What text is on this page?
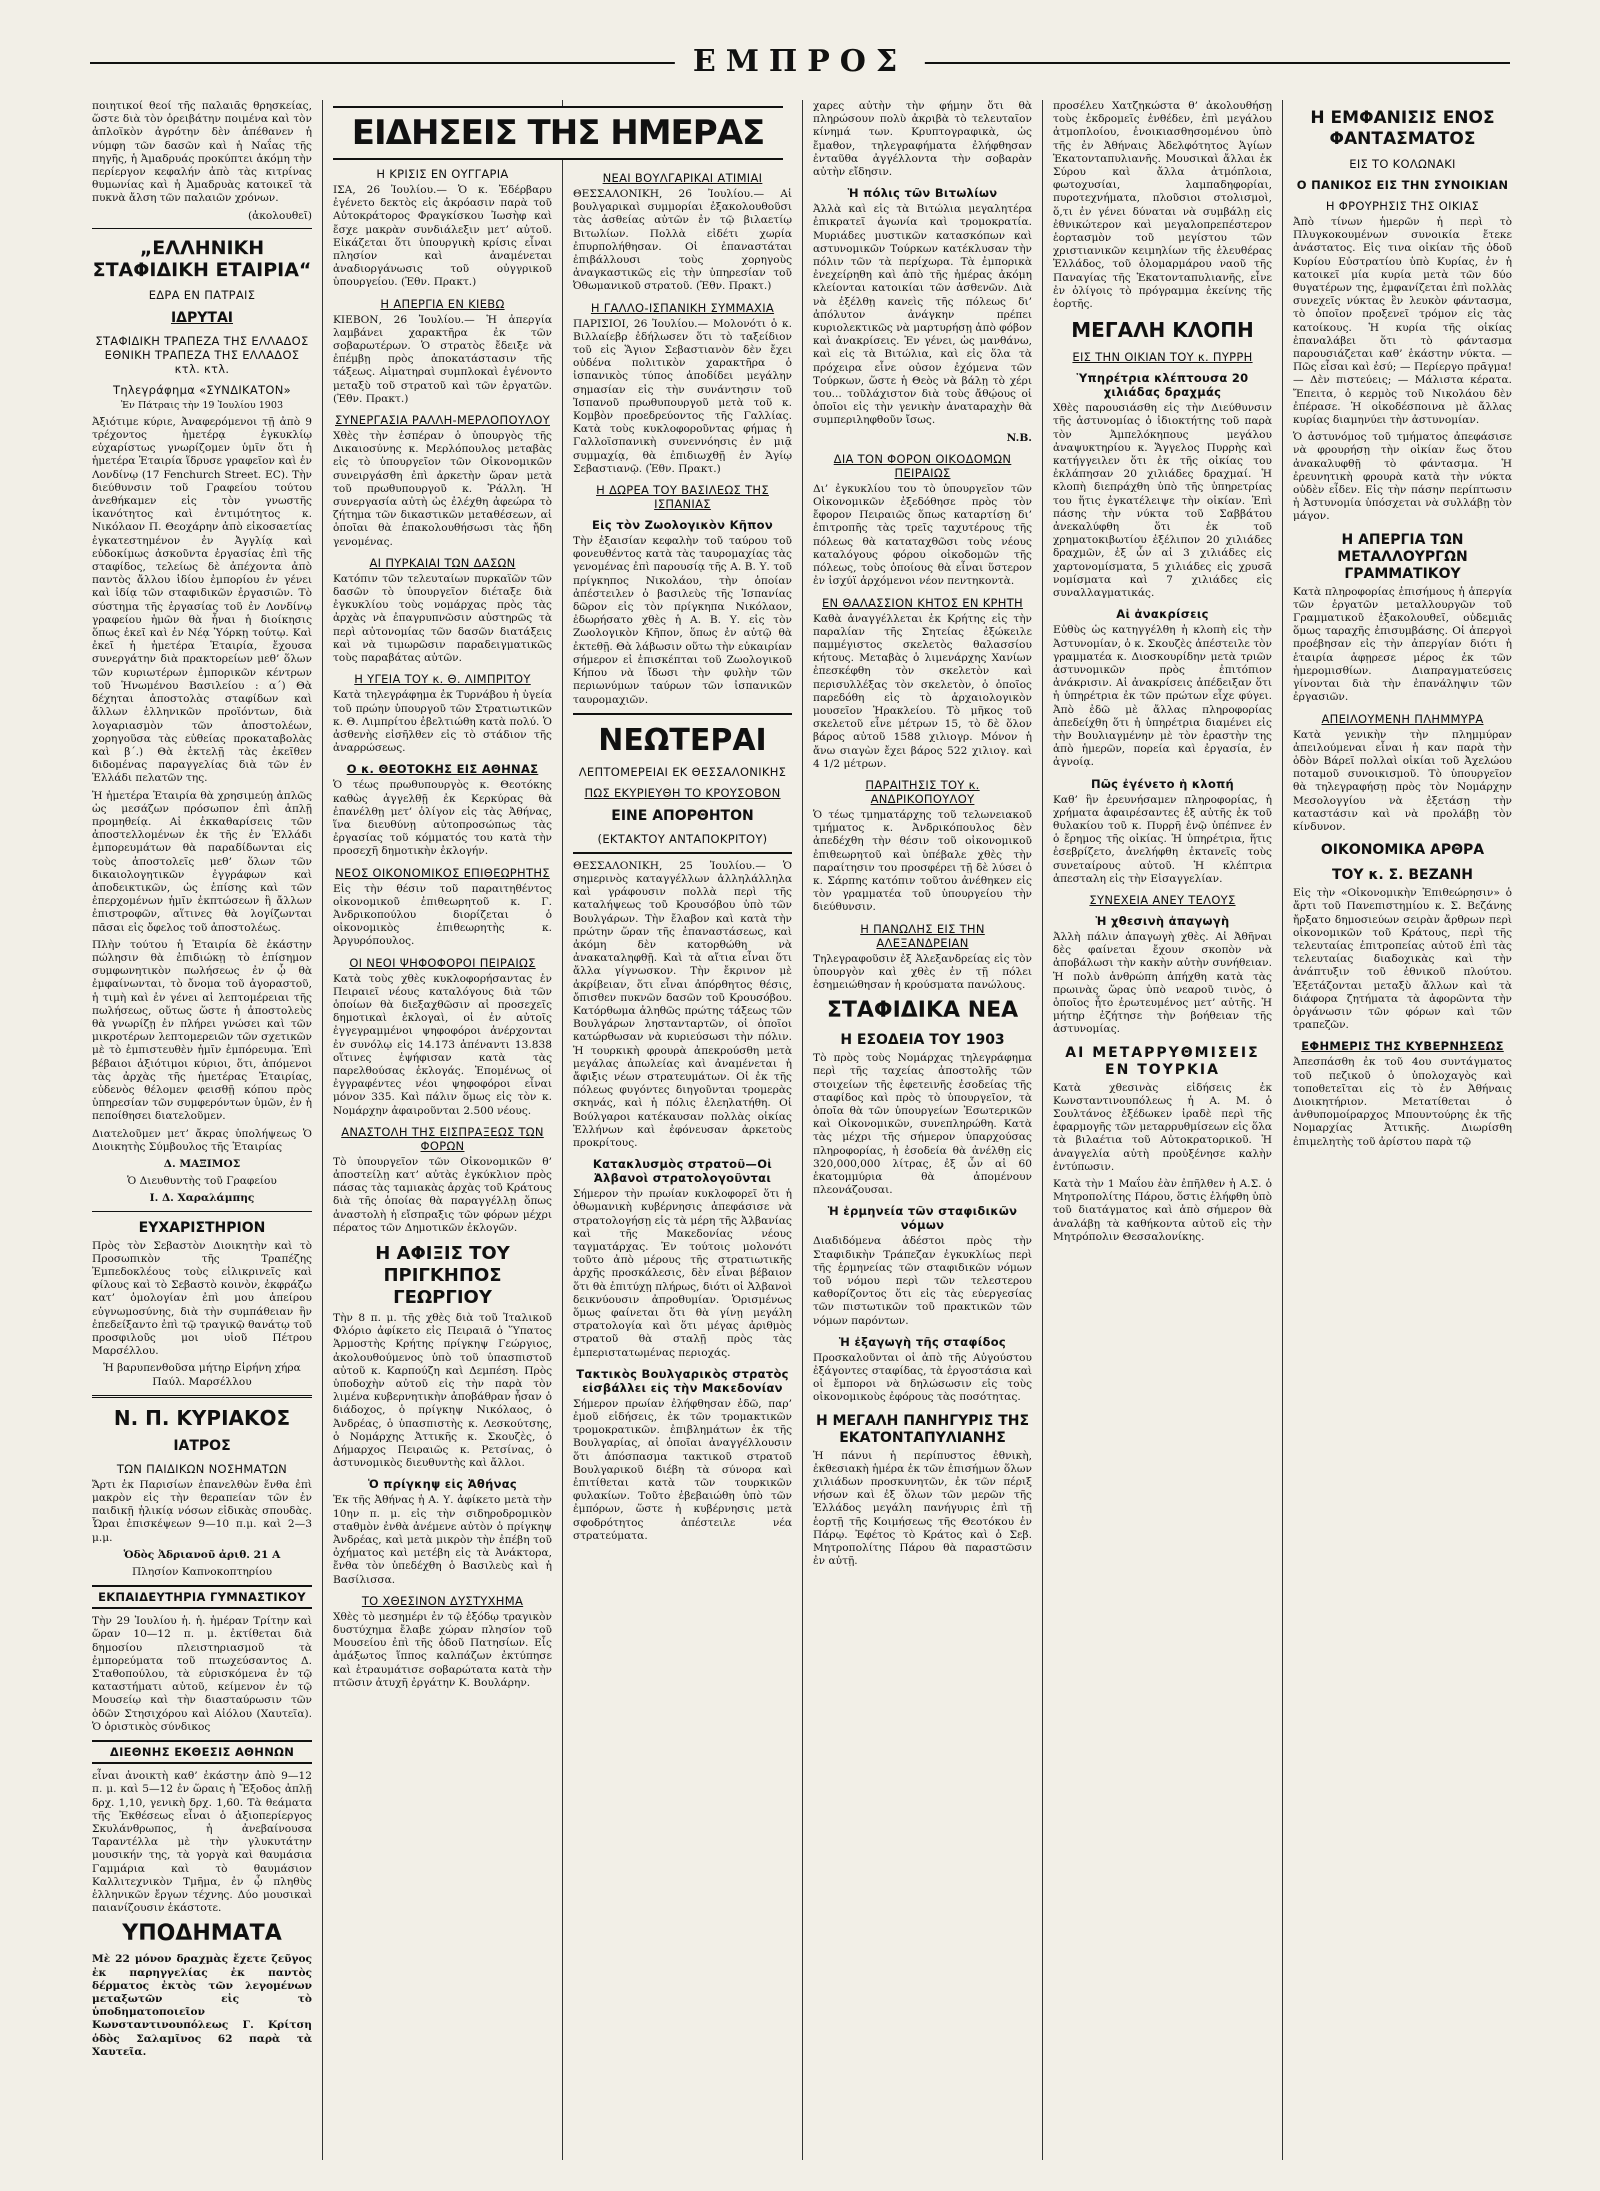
ΕΜΠΡΟΣ

ποιητικοί θεοί τῆς παλαιᾶς θρησκείας, ὥστε διὰ τὸν ὀρειβάτην ποιμένα καὶ τὸν ἀπλοϊκὸν ἀγρότην δὲν ἀπέθανεν ἡ νύμφη τῶν δασῶν καὶ ἡ Ναΐας τῆς πηγῆς, ἡ Ἀμαδρυάς προκύπτει ἀκόμη τὴν περίεργον κεφαλήν ἀπὸ τὰς κιτρίνας θυμωνίας καὶ ἡ Ἀμαδρυὰς κατοικεῖ τὰ πυκνὰ ἄλση τῶν παλαιῶν χρόνων.

(ἀκολουθεῖ)

„ΕΛΛΗΝΙΚΗ ΣΤΑΦΙΔΙΚΗ ΕΤΑΙΡΙΑ“
ΕΔΡΑ ΕΝ ΠΑΤΡΑΙΣ
ΙΔΡΥΤΑΙ
ΣΤΑΦΙΔΙΚΗ ΤΡΑΠΕΖΑ ΤΗΣ ΕΛΛΑΔΟΣ ΕΘΝΙΚΗ ΤΡΑΠΕΖΑ ΤΗΣ ΕΛΛΑΔΟΣ κτλ. κτλ.
Τηλεγράφημα «ΣΥΝΔΙΚΑΤΟΝ»
Ἐν Πάτραις τὴν 19 Ἰουλίου 1903

Ἀξιότιμε κύριε, Ἀναφερόμενοι τῇ ἀπὸ 9 τρέχοντος ἡμετέρᾳ ἐγκυκλίῳ εὐχαρίστως γνωρίζομεν ὑμῖν ὅτι ἡ ἡμετέρα Ἑταιρία ἵδρυσε γραφεῖον καὶ ἐν Λονδίνῳ (17 Fenchurch Street. EC). Τὴν διεύθυνσιν τοῦ Γραφείου τούτου ἀνεθήκαμεν εἰς τὸν γνωστῆς ἱκανότητος καὶ ἐντιμότητος κ. Νικόλαον Π. Θεοχάρην ἀπὸ εἰκοσαετίας ἐγκατεστημένον ἐν Ἀγγλίᾳ καὶ εὐδοκίμως ἀσκοῦντα ἐργασίας ἐπὶ τῆς σταφίδος, τελείως δὲ ἀπέχοντα ἀπὸ παντὸς ἄλλου ἰδίου ἐμπορίου ἐν γένει καὶ ἰδίᾳ τῶν σταφιδικῶν ἐργασιῶν. Τὸ σύστημα τῆς ἐργασίας τοῦ ἐν Λονδίνῳ γραφείου ἡμῶν θὰ ἦναι ἡ διοίκησις ὅπως ἐκεῖ καὶ ἐν Νέᾳ Ὑόρκῃ τούτῳ. Καὶ ἐκεῖ ἡ ἡμετέρα Ἑταιρία, ἔχουσα συνεργάτην διὰ πρακτορείων μεθ’ ὅλων τῶν κυριωτέρων ἐμπορικῶν κέντρων τοῦ Ἡνωμένου Βασιλείου : α΄) Θὰ δέχηται ἀποστολὰς σταφίδων καὶ ἄλλων ἑλληνικῶν προϊόντων, διὰ λογαριασμὸν τῶν ἀποστολέων, χορηγοῦσα τὰς εὐθείας προκαταβολὰς καὶ β΄.) Θὰ ἐκτελῇ τὰς ἐκεῖθεν διδομένας παραγγελίας διὰ τῶν ἐν Ἑλλάδι πελατῶν της.

Ἡ ἡμετέρα Ἑταιρία θὰ χρησιμεύῃ ἁπλῶς ὡς μεσάζων πρόσωπον ἐπὶ ἁπλῇ προμηθείᾳ. Αἱ ἐκκαθαρίσεις τῶν ἀποστελλομένων ἐκ τῆς ἐν Ἑλλάδι ἐμπορευμάτων θὰ παραδίδωνται εἰς τοὺς ἀποστολεῖς μεθ’ ὅλων τῶν δικαιολογητικῶν ἐγγράφων καὶ ἀποδεικτικῶν, ὡς ἐπίσης καὶ τῶν ἐπερχομένων ἡμῖν ἐκπτώσεων ἢ ἄλλων ἐπιστροφῶν, αἵτινες θὰ λογίζωνται πᾶσαι εἰς ὄφελος τοῦ ἀποστολέως.

Πλὴν τούτου ἡ Ἑταιρία δὲ ἐκάστην πώλησιν θὰ ἐπιδιώκῃ τὸ ἐπίσημον συμφωνητικὸν πωλήσεως ἐν ᾧ θὰ ἐμφαίνωνται, τὸ ὄνομα τοῦ ἀγοραστοῦ, ἡ τιμὴ καὶ ἐν γένει αἱ λεπτομέρειαι τῆς πωλήσεως, οὕτως ὥστε ἡ ἀποστολεὺς θὰ γνωρίζῃ ἐν πλήρει γνώσει καὶ τῶν μικροτέρων λεπτομερειῶν τῶν σχετικῶν μὲ τὸ ἐμπιστευθὲν ἡμῖν ἐμπόρευμα. Ἐπὶ βέβαιοι ἀξιότιμοι κύριοι, ὅτι, ἀπόμενοι τὰς ἀρχὰς τῆς ἡμετέρας Ἑταιρίας, εὐδενὸς θέλομεν φεισθῇ κόπου πρὸς ὑπηρεσίαν τῶν συμφερόντων ὑμῶν, ἐν ἡ πεποίθησει διατελοῦμεν.

Διατελοῦμεν μετ’ ἄκρας ὑπολήψεως Ὁ Διοικητὴς Σύμβουλος τῆς Ἑταιρίας

Δ. ΜΑΞΙΜΟΣ
Ὁ Διευθυντὴς τοῦ Γραφείου
Ι. Δ. Χαραλάμπης
ΕΥΧΑΡΙΣΤΗΡΙΟΝ

Πρὸς τὸν Σεβαστὸν Διοικητὴν καὶ τὸ Προσωπικὸν τῆς Τραπέζης Ἐμπεδοκλέους τοὺς εἰλικρινεῖς καὶ φίλους καὶ τὸ Σεβαστὸ κοινὸν, ἐκφράζω κατ’ ὁμολογίαν ἐπὶ μου ἀπείρου εὐγνωμοσύνης, διὰ τὴν συμπάθειαν ἣν ἐπεδείξαντο ἐπὶ τῷ τραγικῷ θανάτῳ τοῦ προσφιλοῦς μοι υἱοῦ Πέτρου Μαρσέλλου.

Ἡ βαρυπενθοῦσα μήτηρ Εἰρήνη χήρα Παύλ. Μαρσέλλου

Ν. Π. ΚΥΡΙΑΚΟΣ
ΙΑΤΡΟΣ
ΤΩΝ ΠΑΙΔΙΚΩΝ ΝΟΣΗΜΑΤΩΝ

Ἄρτι ἐκ Παρισίων ἐπανελθὼν ἔνθα ἐπὶ μακρὸν εἰς τὴν θεραπείαν τῶν ἐν παιδικῇ ἡλικίᾳ νόσων εἰδικὰς σπουδὰς. Ὧραι ἐπισκέψεων 9—10 π.μ. καὶ 2—3 μ.μ.

Ὁδὸς Ἀδριανοῦ ἀριθ. 21 Α
Πλησίον Καπνοκοπτηρίου
ΕΚΠΑΙΔΕΥΤΗΡΙΑ ΓΥΜΝΑΣΤΙΚΟΥ

Τὴν 29 Ἰουλίου ἡ. ἡ. ἡμέραν Τρίτην καὶ ὥραν 10—12 π. μ. ἐκτίθεται διὰ δημοσίου πλειστηριασμοῦ τὰ ἐμπορεύματα τοῦ πτωχεύσαντος Δ. Σταθοπούλου, τὰ εὑρισκόμενα ἐν τῷ καταστήματι αὐτοῦ, κείμενον ἐν τῷ Μουσείῳ καὶ τὴν διασταύρωσιν τῶν ὁδῶν Στησιχόρου καὶ Αἰόλου (Χαυτεῖα). Ὁ ὁριστικὸς σύνδικος

ΔΙΕΘΝΗΣ ΕΚΘΕΣΙΣ ΑΘΗΝΩΝ

εἶναι ἀνοικτὴ καθ’ ἑκάστην ἀπὸ 9—12 π. μ. καὶ 5—12 ἐν ὥραις ἡ Ἔξοδος ἀπλῇ δρχ. 1,10, γενικὴ δρχ. 1,60. Τὰ θεάματα τῆς Ἐκθέσεως εἶναι ὁ ἀξιοπερίεργος Σκυλάνθρωπος, ἡ ἀνεβαίνουσα Ταραντέλλα μὲ τὴν γλυκυτάτην μουσικήν της, τὰ γοργὰ καὶ θαυμάσια Γαμμάρια καὶ τὸ θαυμάσιον Καλλιτεχνικὸν Τμῆμα, ἐν ᾧ πληθὺς ἑλληνικῶν ἔργων τέχνης. Δύο μουσικαὶ παιανίζουσιν ἑκάστοτε.

ΥΠΟΔΗΜΑΤΑ

Μὲ 22 μόνον δραχμὰς ἔχετε ζεῦγος ἐκ παρηγγελίας ἐκ παντὸς δέρματος ἐκτὸς τῶν λεγομένων μεταξωτῶν εἰς τὸ ὑποδηματοποιεῖον Κωνσταντινουπόλεως Γ. Κρίτση ὁδὸς Σαλαμῖνος 62 παρὰ τὰ Χαυτεῖα.

ΕΙΔΗΣΕΙΣ ΤΗΣ ΗΜΕΡΑΣ
Η ΚΡΙΣΙΣ ΕΝ ΟΥΓΓΑΡΙΑ

ΙΣΑ, 26 Ἰουλίου.— Ὁ κ. Ἐδέρβαρυ ἐγένετο δεκτὸς εἰς ἀκρόασιν παρὰ τοῦ Αὐτοκράτορος Φραγκίσκου Ἰωσὴφ καὶ ἔσχε μακρὰν συνδιάλεξιν μετ’ αὐτοῦ. Εἰκάζεται ὅτι ὑπουργικὴ κρίσις εἶναι πλησίον καὶ ἀναμένεται ἀναδιοργάνωσις τοῦ οὐγγρικοῦ ὑπουργείου. (Ἐθν. Πρακτ.)

Η ΑΠΕΡΓΙΑ ΕΝ ΚΙΕΒΩ

ΚΙΕΒΟΝ, 26 Ἰουλίου.— Ἡ ἀπεργία λαμβάνει χαρακτῆρα ἐκ τῶν σοβαρωτέρων. Ὁ στρατὸς ἔδειξε νὰ ἐπέμβῃ πρὸς ἀποκατάστασιν τῆς τάξεως. Αἱματηραὶ συμπλοκαὶ ἐγένοντο μεταξὺ τοῦ στρατοῦ καὶ τῶν ἐργατῶν. (Ἐθν. Πρακτ.)

ΣΥΝΕΡΓΑΣΙΑ ΡΑΛΛΗ-ΜΕΡΛΟΠΟΥΛΟΥ

Χθὲς τὴν ἑσπέραν ὁ ὑπουργὸς τῆς Δικαιοσύνης κ. Μερλόπουλος μεταβὰς εἰς τὸ ὑπουργεῖον τῶν Οἰκονομικῶν συνειργάσθη ἐπὶ ἀρκετὴν ὥραν μετὰ τοῦ πρωθυπουργοῦ κ. Ῥάλλη. Ἡ συνεργασία αὐτὴ ὡς ἐλέχθη ἀφεώρα τὸ ζήτημα τῶν δικαστικῶν μεταθέσεων, αἱ ὁποῖαι θὰ ἐπακολουθήσωσι τὰς ἤδη γενομένας.

ΑΙ ΠΥΡΚΑΙΑΙ ΤΩΝ ΔΑΣΩΝ

Κατόπιν τῶν τελευταίων πυρκαϊῶν τῶν δασῶν τὸ ὑπουργεῖον διέταξε διὰ ἐγκυκλίου τοὺς νομάρχας πρὸς τὰς ἀρχὰς νὰ ἐπαγρυπνῶσιν αὐστηρῶς τὰ περὶ αὐτονομίας τῶν δασῶν διατάξεις καὶ νὰ τιμωρῶσιν παραδειγματικῶς τοὺς παραβάτας αὐτῶν.

Η ΥΓΕΙΑ ΤΟΥ κ. Θ. ΛΙΜΠΡΙΤΟΥ

Κατὰ τηλεγράφημα ἐκ Τυρνάβου ἡ ὑγεία τοῦ πρώην ὑπουργοῦ τῶν Στρατιωτικῶν κ. Θ. Λιμπρίτου ἐβελτιώθη κατὰ πολύ. Ὁ ἀσθενὴς εἰσῆλθεν εἰς τὸ στάδιον τῆς ἀναρρώσεως.

Ο κ. ΘΕΟΤΟΚΗΣ ΕΙΣ ΑΘΗΝΑΣ

Ὁ τέως πρωθυπουργὸς κ. Θεοτόκης καθὼς ἀγγελθῇ ἐκ Κερκύρας θὰ ἐπανέλθῃ μετ’ ὀλίγον εἰς τὰς Ἀθήνας, ἵνα διευθύνῃ αὐτοπροσώπως τὰς ἐργασίας τοῦ κόμματός του κατὰ τὴν προσεχῆ δημοτικὴν ἐκλογήν.

ΝΕΟΣ ΟΙΚΟΝΟΜΙΚΟΣ ΕΠΙΘΕΩΡΗΤΗΣ

Εἰς τὴν θέσιν τοῦ παραιτηθέντος οἰκονομικοῦ ἐπιθεωρητοῦ κ. Γ. Ἀνδρικοπούλου διορίζεται ὁ οἰκονομικὸς ἐπιθεωρητὴς κ. Ἀργυρόπουλος.

ΟΙ ΝΕΟΙ ΨΗΦΟΦΟΡΟΙ ΠΕΙΡΑΙΩΣ

Κατὰ τοὺς χθὲς κυκλοφορήσαντας ἐν Πειραιεῖ νέους καταλόγους διὰ τῶν ὁποίων θὰ διεξαχθῶσιν αἱ προσεχεῖς δημοτικαὶ ἐκλογαὶ, οἱ ἐν αὐτοῖς ἐγγεγραμμένοι ψηφοφόροι ἀνέρχονται ἐν συνόλῳ εἰς 14.173 ἀπέναντι 13.838 οἵτινες ἐψήφισαν κατὰ τὰς παρελθούσας ἐκλογάς. Ἐπομένως οἱ ἐγγραφέντες νέοι ψηφοφόροι εἶναι μόνον 335. Καὶ πάλιν ὅμως εἰς τὸν κ. Νομάρχην ἀφαιροῦνται 2.500 νέους.

ΑΝΑΣΤΟΛΗ ΤΗΣ ΕΙΣΠΡΑΞΕΩΣ ΤΩΝ ΦΟΡΩΝ

Τὸ ὑπουργεῖον τῶν Οἰκονομικῶν θ’ ἀποστείλῃ κατ’ αὐτὰς ἐγκύκλιον πρὸς πάσας τὰς ταμιακὰς ἀρχὰς τοῦ Κράτους διὰ τῆς ὁποίας θὰ παραγγέλλῃ ὅπως ἀναστολὴ ἡ εἴσπραξις τῶν φόρων μέχρι πέρατος τῶν Δημοτικῶν ἐκλογῶν.

Η ΑΦΙΞΙΣ ΤΟΥ ΠΡΙΓΚΗΠΟΣ ΓΕΩΡΓΙΟΥ

Τὴν 8 π. μ. τῆς χθὲς διὰ τοῦ Ἰταλικοῦ Φλόριο ἀφίκετο εἰς Πειραιᾶ ὁ Ὕπατος Ἁρμοστὴς Κρήτης πρίγκηψ Γεώργιος, ἀκολουθούμενος ὑπὸ τοῦ ὑπασπιστοῦ αὐτοῦ κ. Καρπούζη καὶ Δεμπέση. Πρὸς ὑποδοχὴν αὐτοῦ εἰς τὴν παρὰ τὸν λιμένα κυβερνητικὴν ἀποβάθραν ἦσαν ὁ διάδοχος, ὁ πρίγκηψ Νικόλαος, ὁ Ἀνδρέας, ὁ ὑπασπιστὴς κ. Λεσκούτσης, ὁ Νομάρχης Ἀττικῆς κ. Σκουζὲς, ὁ Δήμαρχος Πειραιῶς κ. Ρετσίνας, ὁ ἀστυνομικὸς διευθυντὴς καὶ ἄλλοι.

Ὁ πρίγκηψ εἰς Ἀθήνας

Ἐκ τῆς Ἀθήνας ἡ Α. Υ. ἀφίκετο μετὰ τὴν 10ην π. μ. εἰς τὴν σιδηροδρομικὸν σταθμὸν ἐνθὰ ἀνέμενε αὐτὸν ὁ πρίγκηψ Ἀνδρέας, καὶ μετὰ μικρὸν τὴν ἐπέβη τοῦ ὀχήματος καὶ μετέβη εἰς τὰ Ἀνάκτορα, ἔνθα τὸν ὑπεδέχθη ὁ Βασιλεὺς καὶ ἡ Βασίλισσα.

ΤΟ ΧΘΕΣΙΝΟΝ ΔΥΣΤΥΧΗΜΑ

Χθὲς τὸ μεσημέρι ἐν τῷ ἐξόδῳ τραγικὸν δυστύχημα ἔλαβε χώραν πλησίον τοῦ Μουσείου ἐπὶ τῆς ὁδοῦ Πατησίων. Εἷς ἀμάξωτος ἵππος καλπάζων ἐκτύπησε καὶ ἐτραυμάτισε σοβαρώτατα κατὰ τὴν πτῶσιν ἀτυχῆ ἐργάτην Κ. Βουλάρην.

ΝΕΑΙ ΒΟΥΛΓΑΡΙΚΑΙ ΑΤΙΜΙΑΙ

ΘΕΣΣΑΛΟΝΙΚΗ, 26 Ἰουλίου.— Αἱ βουλγαρικαὶ συμμορίαι ἐξακολουθοῦσι τὰς ἀσθείας αὐτῶν ἐν τῷ βιλαετίῳ Βιτωλίων. Πολλὰ εἰδέτι χωρία ἐπυρπολήθησαν. Οἱ ἐπαναστάται ἐπιβάλλουσι τοὺς χορηγοὺς ἀναγκαστικῶς εἰς τὴν ὑπηρεσίαν τοῦ Ὀθωμανικοῦ στρατοῦ. (Ἐθν. Πρακτ.)

Η ΓΑΛΛΟ-ΙΣΠΑΝΙΚΗ ΣΥΜΜΑΧΙΑ

ΠΑΡΙΣΙΟΙ, 26 Ἰουλίου.— Μολονότι ὁ κ. Βιλλαίεβρ ἐδήλωσεν ὅτι τὸ ταξείδιον τοῦ εἰς Ἅγιον Σεβαστιανὸν δὲν ἔχει οὐδένα πολιτικὸν χαρακτῆρα ὁ ἰσπανικὸς τύπος ἀποδίδει μεγάλην σημασίαν εἰς τὴν συνάντησιν τοῦ Ἰσπανοῦ πρωθυπουργοῦ μετὰ τοῦ κ. Κομβὸν προεδρεύοντος τῆς Γαλλίας. Κατὰ τοὺς κυκλοφοροῦντας φήμας ἡ Γαλλοϊσπανικὴ συνεννόησις ἐν μιᾷ συμμαχίᾳ, θὰ ἐπιδιωχθῇ ἐν Ἁγίῳ Σεβαστιανῷ. (Ἐθν. Πρακτ.)

Η ΔΩΡΕΑ ΤΟΥ ΒΑΣΙΛΕΩΣ ΤΗΣ ΙΣΠΑΝΙΑΣ
Εἰς τὸν Ζωολογικὸν Κῆπον

Τὴν ἐξαισίαν κεφαλὴν τοῦ ταύρου τοῦ φονευθέντος κατὰ τὰς ταυρομαχίας τὰς γενομένας ἐπὶ παρουσίᾳ τῆς Α. Β. Υ. τοῦ πρίγκηπος Νικολάου, τὴν ὁποίαν ἀπέστειλεν ὁ βασιλεὺς τῆς Ἰσπανίας δῶρον εἰς τὸν πρίγκηπα Νικόλαον, ἐδωρήσατο χθὲς ἡ Α. Β. Υ. εἰς τὸν Ζωολογικὸν Κῆπον, ὅπως ἐν αὐτῷ θὰ ἐκτεθῇ. Θὰ λάβωσιν οὕτω τὴν εὐκαιρίαν σήμερον εἰ ἐπισκέπται τοῦ Ζωολογικοῦ Κήπου νὰ ἴδωσι τὴν φυλὴν τῶν περιωνύμων ταύρων τῶν ἰσπανικῶν ταυρομαχιῶν.

ΝΕΩΤΕΡΑΙ
ΛΕΠΤΟΜΕΡΕΙΑΙ ΕΚ ΘΕΣΣΑΛΟΝΙΚΗΣ
ΠΩΣ ΕΚΥΡΙΕΥΘΗ ΤΟ ΚΡΟΥΣΟΒΟΝ
ΕΙΝΕ ΑΠΟΡΘΗΤΟΝ
(ΕΚΤΑΚΤΟΥ ΑΝΤΑΠΟΚΡΙΤΟΥ)

ΘΕΣΣΑΛΟΝΙΚΗ, 25 Ἰουλίου.— Ὁ σημερινὸς καταγγέλλων ἀλληλάλληλα καὶ γράφουσιν πολλὰ περὶ τῆς καταλήψεως τοῦ Κρουσόβου ὑπὸ τῶν Βουλγάρων. Τὴν ἔλαβον καὶ κατὰ τὴν πρώτην ὥραν τῆς ἐπαναστάσεως, καὶ ἀκόμη δὲν κατορθώθη νὰ ἀνακαταληφθῇ. Καὶ τὰ αἴτια εἶναι ὅτι ἄλλα γίγνωσκον. Τὴν ἔκρινον μὲ ἀκρίβειαν, ὅτι εἶναι ἀπόρθητος θέσις, ὄπισθεν πυκνῶν δασῶν τοῦ Κρουσόβου. Κατόρθωμα ἀληθῶς πρώτης τάξεως τῶν Βουλγάρων ληστανταρτῶν, οἱ ὁποῖοι κατώρθωσαν νὰ κυριεύσωσι τὴν πόλιν. Ἡ τουρκικὴ φρουρὰ ἀπεκρούσθη μετὰ μεγάλας ἀπωλείας καὶ ἀναμένεται ἡ ἄφιξις νέων στρατευμάτων. Οἱ ἐκ τῆς πόλεως φυγόντες διηγοῦνται τρομερὰς σκηνάς, καὶ ἡ πόλις ἐλεηλατήθη. Οἱ Βούλγαροι κατέκαυσαν πολλὰς οἰκίας Ἑλλήνων καὶ ἐφόνευσαν ἀρκετοὺς προκρίτους.

Κατακλυσμὸς στρατοῦ—Οἱ Ἀλβανοὶ στρατολογοῦνται

Σήμερον τὴν πρωίαν κυκλοφορεῖ ὅτι ἡ ὀθωμανικὴ κυβέρνησις ἀπεφάσισε νὰ στρατολογήσῃ εἰς τὰ μέρη τῆς Ἀλβανίας καὶ τῆς Μακεδονίας νέους ταγματάρχας. Ἐν τούτοις μολονότι τοῦτο ἀπὸ μέρους τῆς στρατιωτικῆς ἀρχῆς προσκάλεσις, δὲν εἶναι βέβαιον ὅτι θὰ ἐπιτύχῃ πλήρως, διότι οἱ Ἀλβανοὶ δεικνύουσιν ἀπροθυμίαν. Ὁρισμένως ὅμως φαίνεται ὅτι θὰ γίνῃ μεγάλη στρατολογία καὶ ὅτι μέγας ἀριθμὸς στρατοῦ θὰ σταλῇ πρὸς τὰς ἐμπεριστατωμένας περιοχάς.

Τακτικὸς Βουλγαρικὸς στρατὸς εἰσβάλλει εἰς τὴν Μακεδονίαν

Σήμερον πρωίαν ἐλήφθησαν ἐδῶ, παρ’ ἐμοῦ εἰδήσεις, ἐκ τῶν τρομακτικῶν τρομοκρατικῶν. ἐπιβλημάτων ἐκ τῆς Βουλγαρίας, αἱ ὁποῖαι ἀναγγέλλουσιν ὅτι ἀπόσπασμα τακτικοῦ στρατοῦ Βουλγαρικοῦ διέβη τὰ σύνορα καὶ ἐπιτίθεται κατὰ τῶν τουρκικῶν φυλακίων. Τοῦτο ἐβεβαιώθη ὑπὸ τῶν ἐμπόρων, ὥστε ἡ κυβέρνησις μετὰ σφοδρότητος ἀπέστειλε νέα στρατεύματα.

χαρες αὐτὴν τὴν φήμην ὅτι θὰ πληρώσουν πολὺ ἀκριβὰ τὸ τελευταῖον κίνημά των. Κρυπτογραφικὰ, ὡς ἔμαθον, τηλεγραφήματα ἐλήφθησαν ἐνταῦθα ἀγγέλλοντα τὴν σοβαρὰν αὐτὴν εἴδησιν.

Ἡ πόλις τῶν Βιτωλίων

Ἀλλὰ καὶ εἰς τὰ Βιτώλια μεγαλητέρα ἐπικρατεῖ ἀγωνία καὶ τρομοκρατία. Μυριάδες μυστικῶν κατασκόπων καὶ αστυνομικῶν Τούρκων κατέκλυσαν τὴν πόλιν τῶν τὰ περίχωρα. Τὰ ἐμπορικὰ ἐνεχείρηθη καὶ ἀπὸ τῆς ἡμέρας ἀκόμη κλείονται κατοικίαι τῶν ἀσθενῶν. Διὰ νὰ ἐξέλθῃ κανεὶς τῆς πόλεως δι’ ἀπόλυτον ἀνάγκην πρέπει κυριολεκτικῶς νὰ μαρτυρήσῃ ἀπὸ φόβον καὶ ἀνακρίσεις. Ἐν γένει, ὡς μανθάνω, καὶ εἰς τὰ Βιτώλια, καὶ εἰς ὅλα τὰ πρόχειρα εἶνε οὐσον ἐχόμενα τῶν Τούρκων, ὥστε ἡ Θεὸς νὰ βάλῃ τὸ χέρι του... τοῦλάχιστον διὰ τοὺς ἄθῴους οἱ ὁποῖοι εἰς τὴν γενικὴν ἀναταραχὴν θὰ συμπεριληφθοῦν ἴσως.

N.B.
ΔΙΑ ΤΟΝ ΦΟΡΟΝ ΟΙΚΟΔΟΜΩΝ ΠΕΙΡΑΙΩΣ

Δι’ ἐγκυκλίου του τὸ ὑπουργεῖον τῶν Οἰκονομικῶν ἐξεδόθησε πρὸς τὸν ἔφορον Πειραιῶς ὅπως καταρτίσῃ δι’ ἐπιτροπῆς τὰς τρεῖς ταχυτέρους τῆς πόλεως θὰ καταταχθῶσι τοὺς νέους καταλόγους φόρου οἰκοδομῶν τῆς πόλεως, τοὺς ὁποίους θὰ εἶναι ὕστερον ἐν ἰσχύϊ ἀρχόμενοι νέον πεντηκοντὰ.

ΕΝ ΘΑΛΑΣΣΙΟΝ ΚΗΤΟΣ ΕΝ ΚΡΗΤΗ

Καθὰ ἀναγγέλλεται ἐκ Κρήτης εἰς τὴν παραλίαν τῆς Σητείας ἐξώκειλε παμμέγιστος σκελετὸς θαλασσίου κήτους. Μεταβὰς ὁ λιμενάρχης Χανίων ἐπεσκέφθη τὸν σκελετὸν καὶ περισυλλέξας τὸν σκελετὸν, ὁ ὁποῖος παρεδόθη εἰς τὸ ἀρχαιολογικὸν μουσεῖον Ἡρακλείου. Τὸ μῆκος τοῦ σκελετοῦ εἶνε μέτρων 15, τὸ δὲ ὅλον βάρος αὐτοῦ 1588 χιλιογρ. Μόνον ἡ ἄνω σιαγὼν ἔχει βάρος 522 χιλιογ. καὶ 4 1/2 μέτρων.

ΠΑΡΑΙΤΗΣΙΣ ΤΟΥ κ. ΑΝΔΡΙΚΟΠΟΥΛΟΥ

Ὁ τέως τμηματάρχης τοῦ τελωνειακοῦ τμήματος κ. Ἀνδρικόπουλος δὲν ἀπεδέχθη τὴν θέσιν τοῦ οἰκονομικοῦ ἐπιθεωρητοῦ καὶ ὑπέβαλε χθὲς τὴν παραίτησιν του προσφέρει τῇ δὲ λύσει ὁ κ. Σάρπης κατόπιν τοῦτου ἀνέθηκεν εἰς τὸν γραμματέα τοῦ ὑπουργείου τὴν διεύθυνσιν.

Η ΠΑΝΩΛΗΣ ΕΙΣ ΤΗΝ ΑΛΕΞΑΝΔΡΕΙΑΝ

Τηλεγραφοῦσιν ἐξ Ἀλεξανδρείας εἰς τὸν ὑπουργὸν καὶ χθὲς ἐν τῇ πόλει ἐσημειώθησαν ἡ κρούσματα πανώλους.

ΣΤΑΦΙΔΙΚΑ ΝΕΑ
Η ΕΣΟΔΕΙΑ ΤΟΥ 1903

Τὸ πρὸς τοὺς Νομάρχας τηλεγράφημα περὶ τῆς ταχείας ἀποστολῆς τῶν στοιχείων τῆς ἐφετεινῆς ἐσοδείας τῆς σταφίδος καὶ πρὸς τὸ ὑπουργεῖον, τὰ ὁποῖα θὰ τῶν ὑπουργείων Ἐσωτερικῶν καὶ Οἰκονομικῶν, συνεπληρώθη. Κατὰ τὰς μέχρι τῆς σήμερον ὑπαρχούσας πληροφορίας, ἡ ἐσοδεία θὰ ἀνέλθῃ εἰς 320,000,000 λίτρας, ἐξ ὧν αἱ 60 ἑκατομμύρια θὰ ἀπομένουν πλεονάζουσαι.

Ἡ ἑρμηνεία τῶν σταφιδικῶν νόμων

Διαδιδόμενα ἀδέστοι πρὸς τὴν Σταφιδικὴν Τράπεζαν ἐγκυκλίως περὶ τῆς ἑρμηνείας τῶν σταφιδικῶν νόμων τοῦ νόμου περὶ τῶν τελεστερου καθορίζοντος ὅτι εἰς τὰς εὐεργεσίας τῶν πιστωτικῶν τοῦ πρακτικῶν τῶν νόμων παρόντων.

Ἡ ἐξαγωγὴ τῆς σταφίδος

Προσκαλοῦνται οἱ ἀπὸ τῆς Αὐγούστου ἐξάγοντες σταφίδας, τὰ ἐργοστάσια καὶ οἱ ἔμποροι νὰ δηλώσωσιν εἰς τοὺς οἰκονομικοὺς ἐφόρους τὰς ποσότητας.

Η ΜΕΓΑΛΗ ΠΑΝΗΓΥΡΙΣ ΤΗΣ ΕΚΑΤΟΝΤΑΠΥΛΙΑΝΗΣ

Ἡ πάνυι ἡ περίπυστος ἐθνικὴ, ἐκθεσιακὴ ἡμέρα ἐκ τῶν ἐπισήμων ὅλων χιλιάδων προσκυνητῶν, ἐκ τῶν πέριξ νήσων καὶ ἐξ ὅλων τῶν μερῶν τῆς Ἑλλάδος μεγάλη πανήγυρις ἐπὶ τῇ ἑορτῇ τῆς Κοιμήσεως τῆς Θεοτόκου ἐν Πάρῳ. Ἐφέτος τὸ Κράτος καὶ ὁ Σεβ. Μητροπολίτης Πάρου θὰ παραστῶσιν ἐν αὐτῇ.

προσέλευ Χατζηκώστα θ’ ἀκολουθήσῃ τοὺς ἐκδρομεῖς ἐνθέδεν, ἐπὶ μεγάλου ἀτμοπλοίου, ἐνοικιασθησομένου ὑπὸ τῆς ἐν Ἀθήναις Ἀδελφότητος Ἁγίων Ἑκατονταπυλιανῆς. Μουσικαὶ ἄλλαι ἐκ Σύρου καὶ ἄλλα ἀτμόπλοια, φωτοχυσίαι, λαμπαδηφορίαι, πυροτεχνήματα, πλοῦσιοι στολισμοὶ, ὅ,τι ἐν γένει δύναται νὰ συμβάλῃ εἰς ἐθνικώτερον καὶ μεγαλοπρεπέστερον ἑορτασμὸν τοῦ μεγίστου τῶν χριστιανικῶν κειμηλίων τῆς ἐλευθέρας Ἑλλάδος, τοῦ ὁλομαρμάρου ναοῦ τῆς Παναγίας τῆς Ἑκατονταπυλιανῆς, εἶνε ἐν ὀλίγοις τὸ πρόγραμμα ἐκείνης τῆς ἑορτῆς.

ΜΕΓΑΛΗ ΚΛΟΠΗ
ΕΙΣ ΤΗΝ ΟΙΚΙΑΝ ΤΟΥ κ. ΠΥΡΡΗ
Ὑπηρέτρια κλέπτουσα 20 χιλιάδας δραχμάς

Χθὲς παρουσιάσθη εἰς τὴν Διεύθυνσιν τῆς ἀστυνομίας ὁ ἰδιοκτήτης τοῦ παρὰ τὸν Ἀμπελόκηπους μεγάλου ἀναψυκτηρίου κ. Ἄγγελος Πυρρὴς καὶ κατήγγειλεν ὅτι ἐκ τῆς οἰκίας του ἐκλάπησαν 20 χιλιάδες δραχμαί. Ἡ κλοπὴ διεπράχθη ὑπὸ τῆς ὑπηρετρίας του ἥτις ἐγκατέλειψε τὴν οἰκίαν. Ἐπὶ πάσης τὴν νύκτα τοῦ Σαββάτου ἀνεκαλύφθη ὅτι ἐκ τοῦ χρηματοκιβωτίου ἐξέλιπον 20 χιλιάδες δραχμῶν, ἐξ ὧν αἱ 3 χιλιάδες εἰς χαρτονομίσματα, 5 χιλιάδες εἰς χρυσᾶ νομίσματα καὶ 7 χιλιάδες εἰς συναλλαγματικάς.

Αἱ ἀνακρίσεις

Εὐθὺς ὡς κατηγγέλθη ἡ κλοπὴ εἰς τὴν Ἀστυνομίαν, ὁ κ. Σκουζὲς ἀπέστειλε τὸν γραμματέα κ. Διοσκουρίδην μετὰ τριῶν ἀστυνομικῶν πρὸς ἐπιτόπιον ἀνάκρισιν. Αἱ ἀνακρίσεις ἀπέδειξαν ὅτι ἡ ὑπηρέτρια ἐκ τῶν πρώτων εἶχε φύγει. Ἀπὸ ἐδῶ μὲ ἄλλας πληροφορίας ἀπεδείχθη ὅτι ἡ ὑπηρέτρια διαμένει εἰς τὴν Βουλιαγμένην μὲ τὸν ἐραστὴν της ἀπὸ ἡμερῶν, πορεία καὶ ἐργασία, ἐν ἀγνοίᾳ.

Πῶς ἐγένετο ἡ κλοπή

Καθ’ ἣν ἐρευνήσαμεν πληροφορίας, ἡ χρήματα ἀφαιρέσαντες ἐξ αὐτῆς ἐκ τοῦ θυλακίου τοῦ κ. Πυρρῆ ἐνῷ ὑπέπνεε ἐν ὁ ἔρημος τῆς οἰκίας. Ἡ ὑπηρέτρια, ἥτις ἐσεβρίζετο, ἀνελήφθη ἐκτανεῖς τοὺς συνεταίρους αὐτοῦ. Ἡ κλέπτρια ἀπεσταλη εἰς τὴν Εἰσαγγελίαν.

ΣΥΝΕΧΕΙΑ ΑΝΕΥ ΤΕΛΟΥΣ
Ἡ χθεσινὴ ἀπαγωγὴ

Ἀλλὴ πάλιν ἀπαγωγὴ χθὲς. Αἱ Ἀθῆναι δὲς φαίνεται ἔχουν σκοπὸν νὰ ἀποβάλωσι τὴν κακὴν αὐτὴν συνήθειαν. Ἡ πολὺ ἀνθρώπη ἀπήχθη κατὰ τὰς πρωινὰς ὥρας ὑπὸ νεαροῦ τινὸς, ὁ ὁποῖος ἦτο ἐρωτευμένος μετ’ αὐτῆς. Ἡ μήτηρ ἐζήτησε τὴν βοήθειαν τῆς ἀστυνομίας.

ΑΙ ΜΕΤΑΡΡΥΘΜΙΣΕΙΣ ΕΝ ΤΟΥΡΚΙΑ

Κατὰ χθεσινὰς εἰδήσεις ἐκ Κωνσταντινουπόλεως ἡ Α. Μ. ὁ Σουλτάνος ἐξέδωκεν ἰραδὲ περὶ τῆς ἐφαρμογῆς τῶν μεταρρυθμίσεων εἰς ὅλα τὰ βιλαέτια τοῦ Αὐτοκρατορικοῦ. Ἡ ἀναγγελία αὐτὴ προὐξένησε καλὴν ἐντύπωσιν.

Κατὰ τὴν 1 Μαΐου ἐὰν ἐπῆλθεν ἡ Α.Σ. ὁ Μητροπολίτης Πάρου, ὅστις ἐλήφθη ὑπὸ τοῦ διατάγματος καὶ ἀπὸ σήμερον θὰ ἀναλάβῃ τὰ καθήκοντα αὐτοῦ εἰς τὴν Μητρόπολιν Θεσσαλονίκης.

Η ΕΜΦΑΝΙΣΙΣ ΕΝΟΣ ΦΑΝΤΑΣΜΑΤΟΣ
ΕΙΣ ΤΟ ΚΟΛΩΝΑΚΙ
Ο ΠΑΝΙΚΟΣ ΕΙΣ ΤΗΝ ΣΥΝΟΙΚΙΑΝ
Η ΦΡΟΥΡΗΣΙΣ ΤΗΣ ΟΙΚΙΑΣ

Ἀπὸ τίνων ἡμερῶν ἡ περὶ τὸ Πλυγκοκουμένων συνοικία ἔτεκε ἀνάστατος. Εἰς τινα οἰκίαν τῆς ὁδοῦ Κυρίου Εὐστρατίου ὑπὸ Κυρίας, ἐν ἡ κατοικεῖ μία κυρία μετὰ τῶν δύο θυγατέρων της, ἐμφανίζεται ἐπὶ πολλὰς συνεχεῖς νύκτας ἓν λευκὸν φάντασμα, τὸ ὁποῖον προξενεῖ τρόμον εἰς τὰς κατοίκους. Ἡ κυρία τῆς οἰκίας ἐπαναλάβει ὅτι τὸ φάντασμα παρουσιάζεται καθ’ ἑκάστην νύκτα. — Πῶς εἶσαι καὶ ἐσύ; — Περίεργο πρᾶγμα! — Δὲν πιστεύεις; — Μάλιστα κέρατα. Ἔπειτα, ὁ κερμὸς τοῦ Νικολάου δὲν ἐπέρασε. Ἡ οἰκοδέσποινα μὲ ἄλλας κυρίας διαμηνύει τὴν ἀστυνομίαν.

Ὁ ἀστυνόμος τοῦ τμήματος ἀπεφάσισε νὰ φρουρήσῃ τὴν οἰκίαν ἕως ὅτου ἀνακαλυφθῇ τὸ φάντασμα. Ἡ ἐρευνητικὴ φρουρὰ κατὰ τὴν νύκτα οὐδὲν εἶδεν. Εἰς τὴν πάσην περίπτωσιν ἡ Ἀστυνομία ὑπόσχεται νὰ συλλάβῃ τὸν μάγον.

Η ΑΠΕΡΓΙΑ ΤΩΝ ΜΕΤΑΛΛΟΥΡΓΩΝ ΓΡΑΜΜΑΤΙΚΟΥ

Κατὰ πληροφορίας ἐπισήμους ἡ ἀπεργία τῶν ἐργατῶν μεταλλουργῶν τοῦ Γραμματικοῦ ἐξακολουθεῖ, οὐδεμιᾶς ὅμως ταραχῆς ἐπισυμβάσης. Οἱ ἀπεργοὶ προέβησαν εἰς τὴν ἀπεργίαν διότι ἡ ἑταιρία ἀφῃρεσε μέρος ἐκ τῶν ἡμερομισθίων. Διαπραγματεύσεις γίνονται διὰ τὴν ἐπανάληψιν τῶν ἐργασιῶν.

ΑΠΕΙΛΟΥΜΕΝΗ ΠΛΗΜΜΥΡΑ

Κατὰ γενικὴν τὴν πλημμύραν ἀπειλούμεναι εἶναι ἡ καν παρὰ τὴν ὁδὸν Βάρεῖ πολλαὶ οἰκίαι τοῦ Ἀχελώου ποταμοῦ συνοικισμοῦ. Τὸ ὑπουργεῖον θὰ τηλεγραφήσῃ πρὸς τὸν Νομάρχην Μεσολογγίου νὰ ἐξετάσῃ τὴν καταστάσιν καὶ νὰ προλάβῃ τὸν κίνδυνον.

ΟΙΚΟΝΟΜΙΚΑ ΑΡΘΡΑ
ΤΟΥ κ. Σ. ΒΕΖΑΝΗ

Εἰς τὴν «Οἰκονομικὴν Ἐπιθεώρησιν» ὁ ἄρτι τοῦ Πανεπιστημίου κ. Σ. Βεζάνης ἤρξατο δημοσιεύων σειρὰν ἄρθρων περὶ οἰκονομικῶν τοῦ Κράτους, περὶ τῆς τελευταίας ἐπιτροπείας αὐτοῦ ἐπὶ τὰς τελευταίας διαδοχικὰς καὶ τὴν ἀνάπτυξιν τοῦ ἐθνικοῦ πλούτου. Ἐξετάζονται μεταξὺ ἄλλων καὶ τὰ διάφορα ζητήματα τὰ ἀφορῶντα τὴν ὀργάνωσιν τῶν φόρων καὶ τῶν τραπεζῶν.

ΕΦΗΜΕΡΙΣ ΤΗΣ ΚΥΒΕΡΝΗΣΕΩΣ

Ἀπεσπάσθη ἐκ τοῦ 4ου συντάγματος τοῦ πεζικοῦ ὁ ὑπολοχαγὸς καὶ τοποθετεῖται εἰς τὸ ἐν Ἀθήναις Διοικητήριον. Μετατίθεται ὁ ἀνθυπομοίραρχος Μπουντούρης ἐκ τῆς Νομαρχίας Ἀττικῆς. Διωρίσθη ἐπιμελητὴς τοῦ ἀρίστου παρὰ τῷ
